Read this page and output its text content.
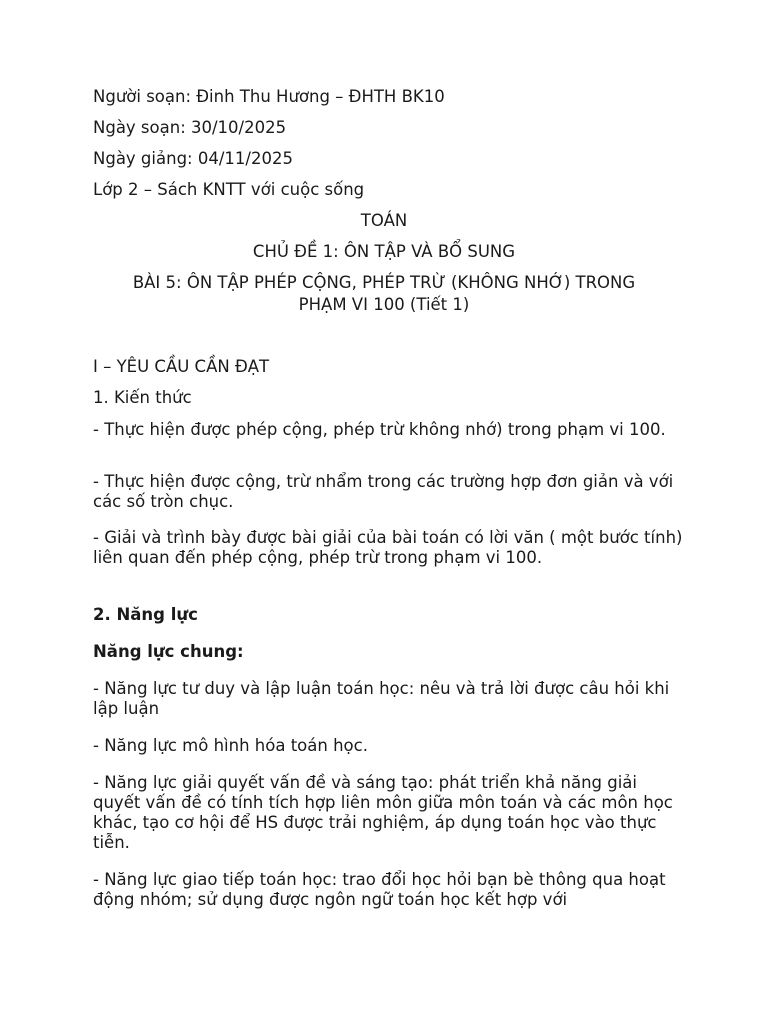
Người soạn: Đinh Thu Hương – ĐHTH BK10

Ngày soạn: 30/10/2025

Ngày giảng: 04/11/2025

Lớp 2 – Sách KNTT với cuộc sống

TOÁN

CHỦ ĐỀ 1: ÔN TẬP VÀ BỔ SUNG

BÀI 5: ÔN TẬP PHÉP CỘNG, PHÉP TRỪ (KHÔNG NHỚ) TRONG

PHẠM VI 100 (Tiết 1)

I – YÊU CẦU CẦN ĐẠT

1. Kiến thức

- Thực hiện được phép cộng, phép trừ không nhớ) trong phạm vi 100.

- Thực hiện được cộng, trừ nhẩm trong các trường hợp đơn giản và với các số tròn chục.

- Giải và trình bày được bài giải của bài toán có lời văn ( một bước tính) liên quan đến phép cộng, phép trừ trong phạm vi 100.

2. Năng lực

Năng lực chung:

- Năng lực tư duy và lập luận toán học: nêu và trả lời được câu hỏi khi lập luận

- Năng lực mô hình hóa toán học.

- Năng lực giải quyết vấn đề và sáng tạo: phát triển khả năng giải quyết vấn đề có tính tích hợp liên môn giữa môn toán và các môn học khác, tạo cơ hội để HS được trải nghiệm, áp dụng toán học vào thực tiễn.

- Năng lực giao tiếp toán học: trao đổi học hỏi bạn bè thông qua hoạt động nhóm; sử dụng được ngôn ngữ toán học kết hợp với
